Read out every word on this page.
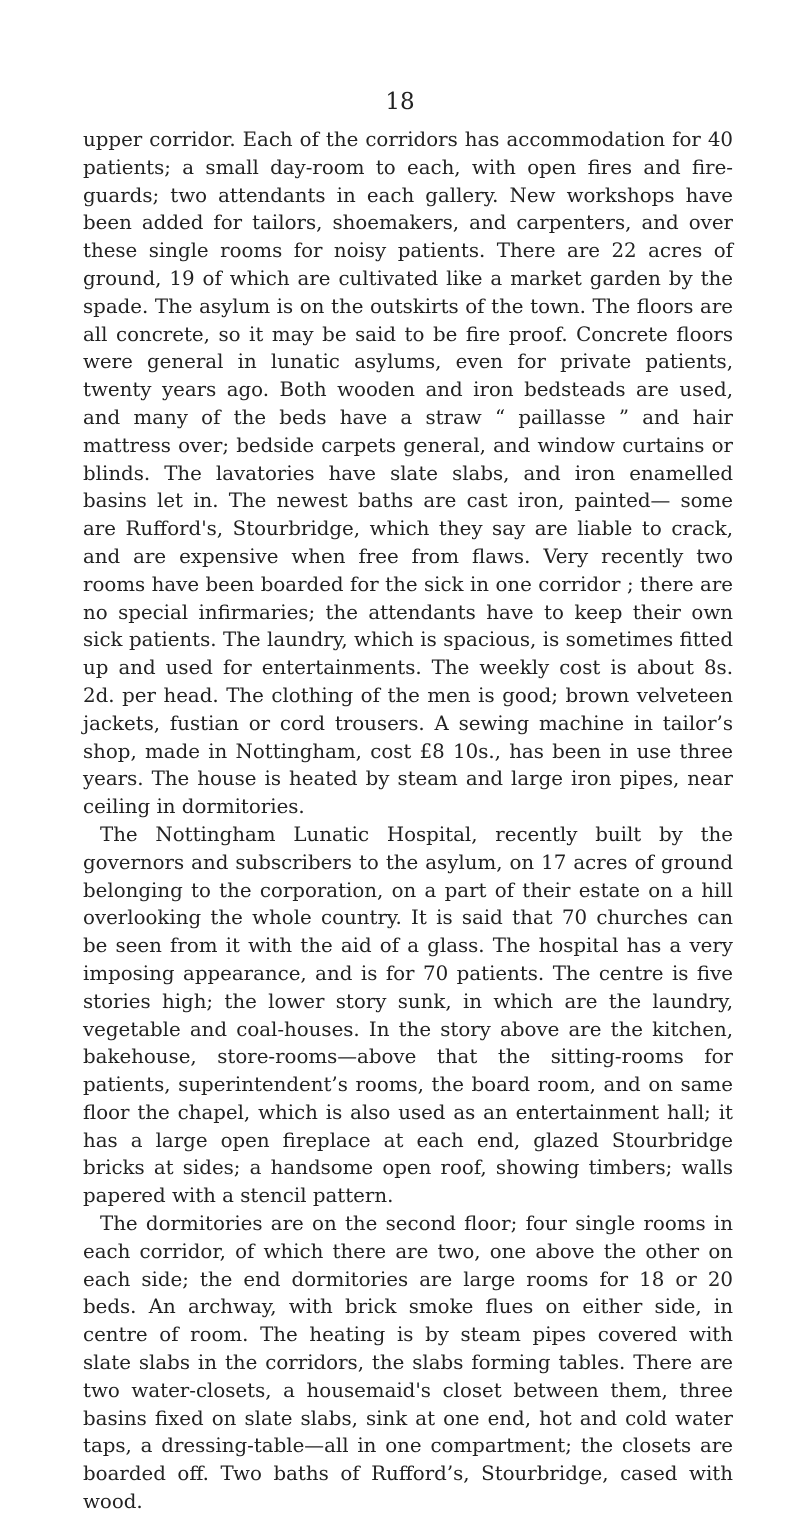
18

upper corridor. Each of the corridors has accommodation for 40 patients; a small day-room to each, with open fires and fire-guards; two attendants in each gallery. New workshops have been added for tailors, shoemakers, and carpenters, and over these single rooms for noisy patients. There are 22 acres of ground, 19 of which are cultivated like a market garden by the spade. The asylum is on the outskirts of the town. The floors are all concrete, so it may be said to be fire proof. Concrete floors were general in lunatic asylums, even for private patients, twenty years ago. Both wooden and iron bedsteads are used, and many of the beds have a straw “ paillasse ” and hair mattress over; bedside carpets general, and window curtains or blinds. The lavatories have slate slabs, and iron enamelled basins let in. The newest baths are cast iron, painted— some are Rufford's, Stourbridge, which they say are liable to crack, and are expensive when free from flaws. Very recently two rooms have been boarded for the sick in one corridor ; there are no special infirmaries; the attendants have to keep their own sick patients. The laundry, which is spacious, is sometimes fitted up and used for entertainments. The weekly cost is about 8s. 2d. per head. The clothing of the men is good; brown velveteen jackets, fustian or cord trousers. A sewing machine in tailor’s shop, made in Nottingham, cost £8 10s., has been in use three years. The house is heated by steam and large iron pipes, near ceiling in dormitories.

The Nottingham Lunatic Hospital, recently built by the governors and subscribers to the asylum, on 17 acres of ground belonging to the corporation, on a part of their estate on a hill overlooking the whole country. It is said that 70 churches can be seen from it with the aid of a glass. The hospital has a very imposing appearance, and is for 70 patients. The centre is five stories high; the lower story sunk, in which are the laundry, vegetable and coal-houses. In the story above are the kitchen, bakehouse, store-rooms—above that the sitting-rooms for patients, superintendent’s rooms, the board room, and on same floor the chapel, which is also used as an entertainment hall; it has a large open fireplace at each end, glazed Stourbridge bricks at sides; a handsome open roof, showing timbers; walls papered with a stencil pattern.

The dormitories are on the second floor; four single rooms in each corridor, of which there are two, one above the other on each side; the end dormitories are large rooms for 18 or 20 beds. An archway, with brick smoke flues on either side, in centre of room. The heating is by steam pipes covered with slate slabs in the corridors, the slabs forming tables. There are two water-closets, a housemaid's closet between them, three basins fixed on slate slabs, sink at one end, hot and cold water taps, a dressing-table—all in one compartment; the closets are boarded off. Two baths of Rufford’s, Stourbridge, cased with wood.
